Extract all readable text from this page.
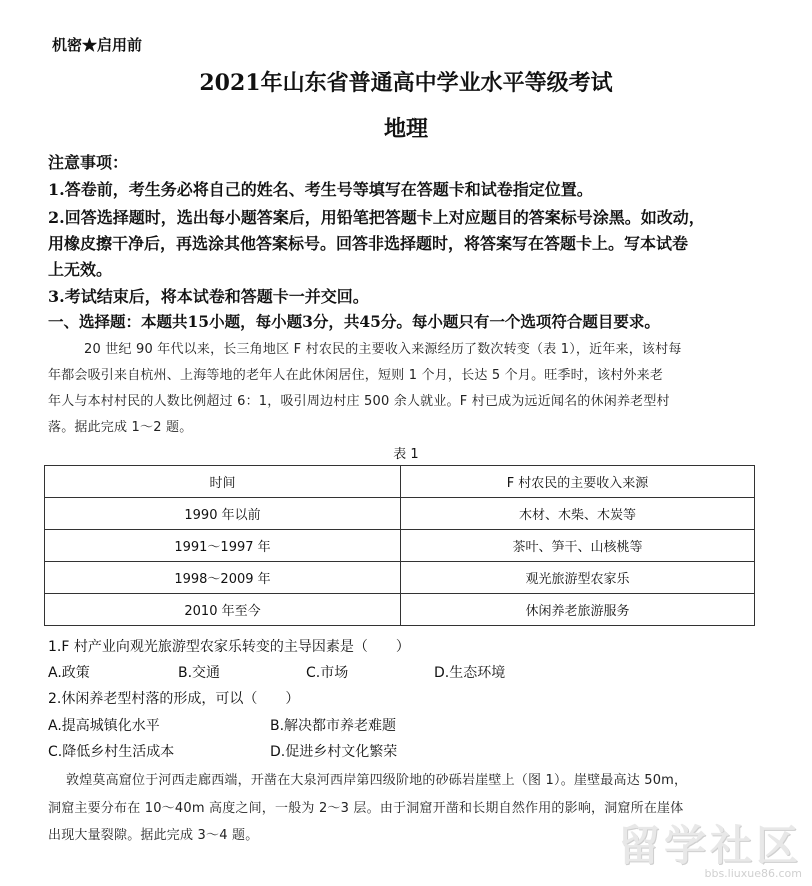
机密★启用前
2021年山东省普通高中学业水平等级考试
地理
注意事项：
1.答卷前，考生务必将自己的姓名、考生号等填写在答题卡和试卷指定位置。
2.回答选择题时，选出每小题答案后，用铅笔把答题卡上对应题目的答案标号涂黑。如改动，
用橡皮擦干净后，再选涂其他答案标号。回答非选择题时，将答案写在答题卡上。写本试卷
上无效。
3.考试结束后，将本试卷和答题卡一并交回。
一、选择题：本题共15小题，每小题3分，共45分。每小题只有一个选项符合题目要求。
20 世纪 90 年代以来，长三角地区 F 村农民的主要收入来源经历了数次转变（表 1），近年来，该村每
年都会吸引来自杭州、上海等地的老年人在此休闲居住，短则 1 个月，长达 5 个月。旺季时，该村外来老
年人与本村村民的人数比例超过 6：1，吸引周边村庄 500 余人就业。F 村已成为远近闻名的休闲养老型村
落。据此完成 1～2 题。
表 1
时间	F 村农民的主要收入来源
1990 年以前	木材、木柴、木炭等
1991～1997 年	茶叶、笋干、山核桃等
1998～2009 年	观光旅游型农家乐
2010 年至今	休闲养老旅游服务
1.F 村产业向观光旅游型农家乐转变的主导因素是（　　）
A.政策	B.交通	C.市场	D.生态环境
2.休闲养老型村落的形成，可以（　　）
A.提高城镇化水平	B.解决都市养老难题
C.降低乡村生活成本	D.促进乡村文化繁荣
敦煌莫高窟位于河西走廊西端，开凿在大泉河西岸第四级阶地的砂砾岩崖壁上（图 1）。崖壁最高达 50m，
洞窟主要分布在 10～40m 高度之间，一般为 2～3 层。由于洞窟开凿和长期自然作用的影响，洞窟所在崖体
出现大量裂隙。据此完成 3～4 题。	留学社区
bbs.liuxue86.com
